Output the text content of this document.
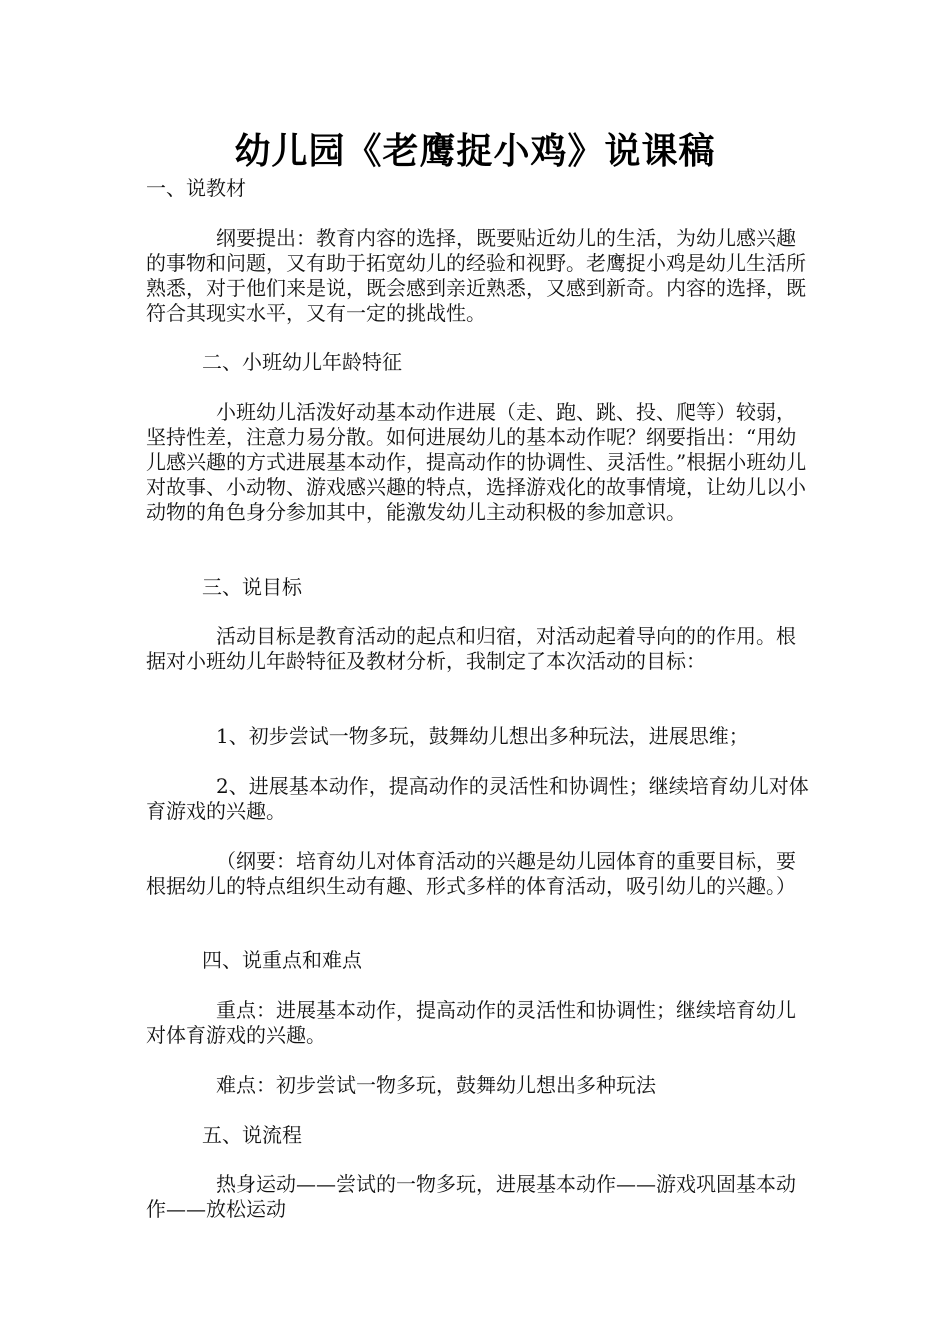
幼儿园《老鹰捉小鸡》说课稿

一、说教材

纲要提出：教育内容的选择，既要贴近幼儿的生活，为幼儿感兴趣的事物和问题，又有助于拓宽幼儿的经验和视野。老鹰捉小鸡是幼儿生活所熟悉，对于他们来是说，既会感到亲近熟悉，又感到新奇。内容的选择，既符合其现实水平，又有一定的挑战性。

二、小班幼儿年龄特征

小班幼儿活泼好动基本动作进展（走、跑、跳、投、爬等）较弱，坚持性差，注意力易分散。如何进展幼儿的基本动作呢？纲要指出：“用幼儿感兴趣的方式进展基本动作，提高动作的协调性、灵活性。”根据小班幼儿对故事、小动物、游戏感兴趣的特点，选择游戏化的故事情境，让幼儿以小动物的角色身分参加其中，能激发幼儿主动积极的参加意识。

三、说目标

活动目标是教育活动的起点和归宿，对活动起着导向的的作用。根据对小班幼儿年龄特征及教材分析，我制定了本次活动的目标：

1、初步尝试一物多玩，鼓舞幼儿想出多种玩法，进展思维；

2、进展基本动作，提高动作的灵活性和协调性；继续培育幼儿对体育游戏的兴趣。

（纲要：培育幼儿对体育活动的兴趣是幼儿园体育的重要目标，要根据幼儿的特点组织生动有趣、形式多样的体育活动，吸引幼儿的兴趣。）

四、说重点和难点

重点：进展基本动作，提高动作的灵活性和协调性；继续培育幼儿对体育游戏的兴趣。

难点：初步尝试一物多玩，鼓舞幼儿想出多种玩法

五、说流程

热身运动——尝试的一物多玩，进展基本动作——游戏巩固基本动作——放松运动
